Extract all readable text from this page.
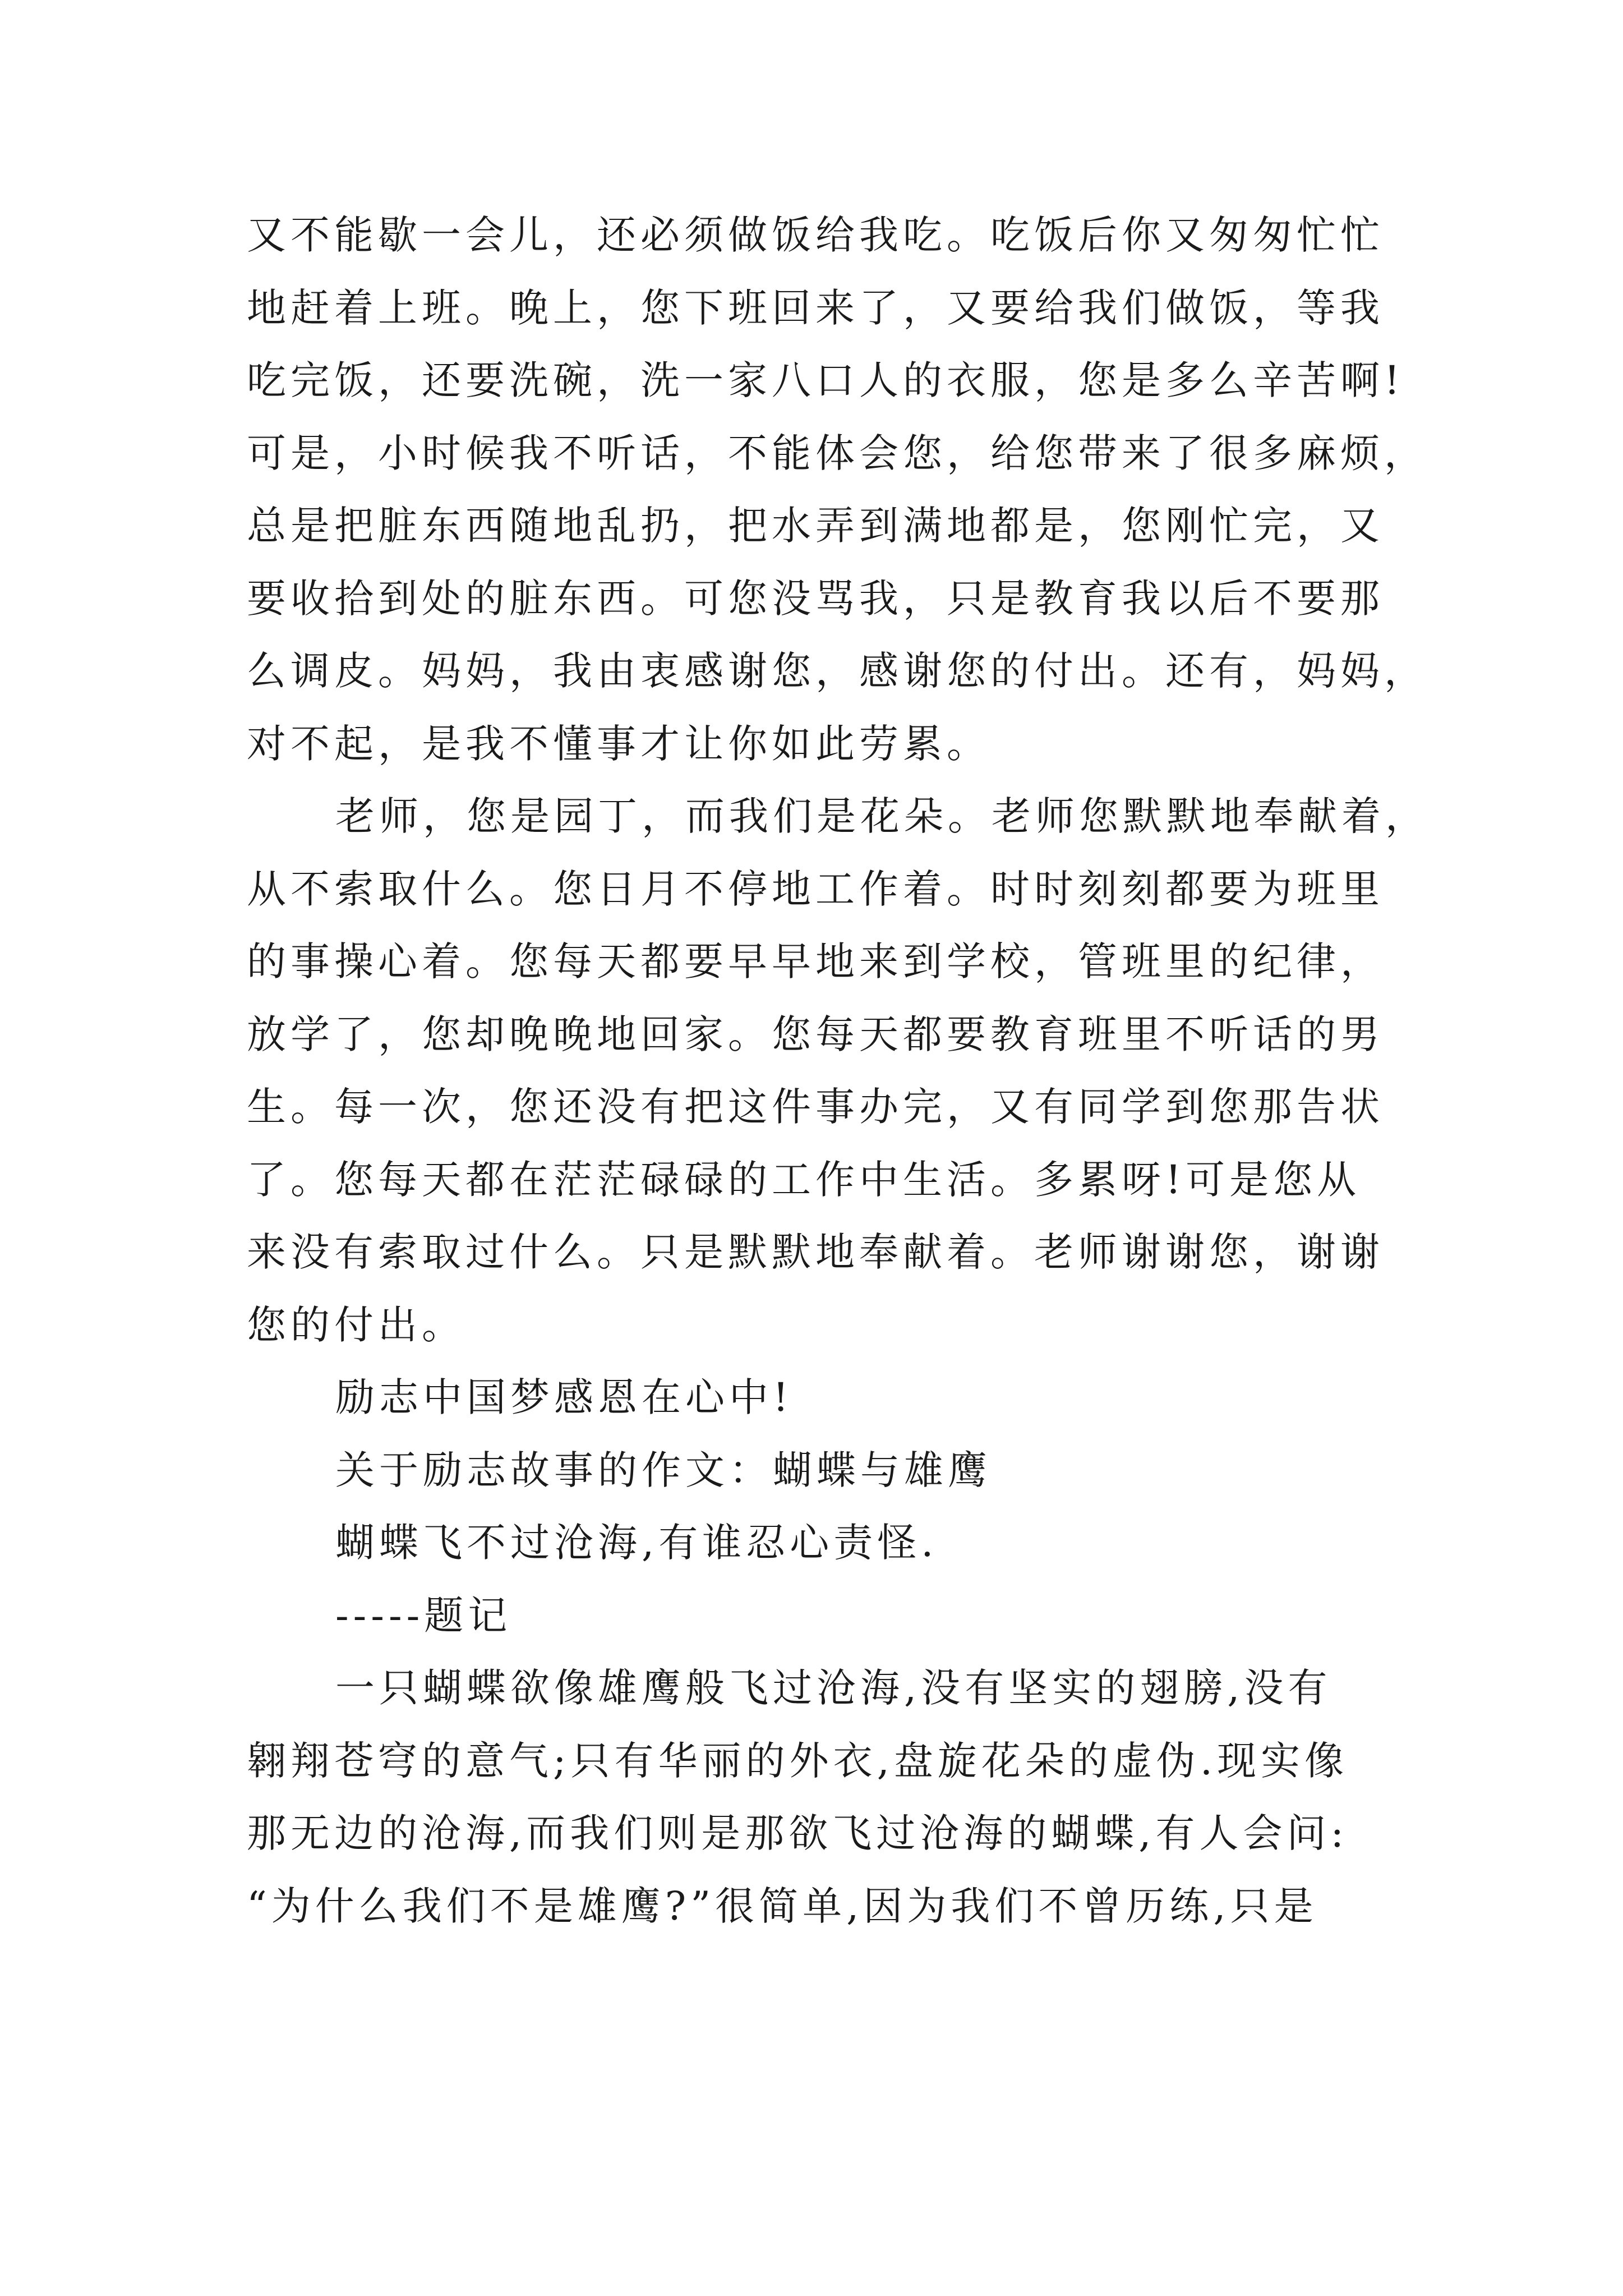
又不能歇一会儿，还必须做饭给我吃。吃饭后你又匆匆忙忙

地赶着上班。晚上，您下班回来了，又要给我们做饭，等我

吃完饭，还要洗碗，洗一家八口人的衣服，您是多么辛苦啊!

可是，小时候我不听话，不能体会您，给您带来了很多麻烦，

总是把脏东西随地乱扔，把水弄到满地都是，您刚忙完，又

要收拾到处的脏东西。可您没骂我，只是教育我以后不要那

么调皮。妈妈，我由衷感谢您，感谢您的付出。还有，妈妈，

对不起，是我不懂事才让你如此劳累。

老师，您是园丁，而我们是花朵。老师您默默地奉献着，

从不索取什么。您日月不停地工作着。时时刻刻都要为班里

的事操心着。您每天都要早早地来到学校，管班里的纪律，

放学了，您却晚晚地回家。您每天都要教育班里不听话的男

生。每一次，您还没有把这件事办完，又有同学到您那告状

了。您每天都在茫茫碌碌的工作中生活。多累呀!可是您从

来没有索取过什么。只是默默地奉献着。老师谢谢您，谢谢

您的付出。

励志中国梦感恩在心中!

关于励志故事的作文：蝴蝶与雄鹰

蝴蝶飞不过沧海,有谁忍心责怪.

-----题记

一只蝴蝶欲像雄鹰般飞过沧海,没有坚实的翅膀,没有

翱翔苍穹的意气;只有华丽的外衣,盘旋花朵的虚伪.现实像

那无边的沧海,而我们则是那欲飞过沧海的蝴蝶,有人会问:

“为什么我们不是雄鹰?”很简单,因为我们不曾历练,只是
